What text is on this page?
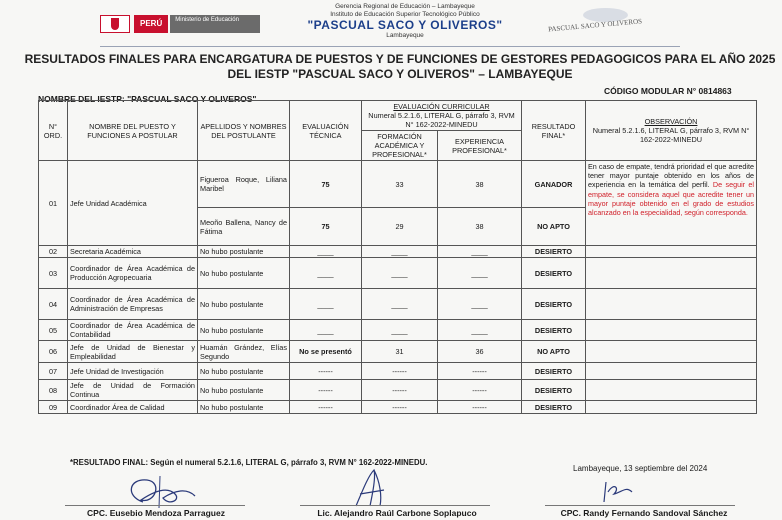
PERÚ	Ministerio de Educación
Gerencia Regional de Educación – Lambayeque
Instituto de Educación Superior Tecnológico Público
"PASCUAL SACO Y OLIVEROS"
Lambayeque
PASCUAL SACO Y OLIVEROS
RESULTADOS FINALES PARA ENCARGATURA DE PUESTOS Y DE FUNCIONES DE GESTORES PEDAGOGICOS PARA EL AÑO 2025
DEL IESTP "PASCUAL SACO Y OLIVEROS" – LAMBAYEQUE
NOMBRE DEL IESTP: "PASCUAL SACO Y OLIVEROS"
CÓDIGO MODULAR N° 0814863
N° ORD.	NOMBRE DEL PUESTO Y FUNCIONES A POSTULAR	APELLIDOS Y NOMBRES DEL POSTULANTE	EVALUACIÓN TÉCNICA	EVALUACIÓN CURRICULAR
Numeral 5.2.1.6, LITERAL G, párrafo 3, RVM N° 162-2022-MINEDU		RESULTADO FINAL*	OBSERVACIÓN
Numeral 5.2.1.6, LITERAL G, párrafo 3, RVM N° 162-2022-MINEDU
				FORMACIÓN ACADÉMICA Y PROFESIONAL*	EXPERIENCIA PROFESIONAL*		
01	Jefe Unidad Académica	Figueroa Roque, Liliana Maribel	75	33	38	GANADOR	En caso de empate, tendrá prioridad el que acredite tener mayor puntaje obtenido en los años de experiencia en la temática del perfil. De seguir el empate, se considera aquel que acredite tener un mayor puntaje obtenido en el grado de estudios alcanzado en la especialidad, según corresponda.
		Meoño Ballena, Nancy de Fátima	75	29	38	NO APTO	
02	Secretaria Académica	No hubo postulante	____	____	____	DESIERTO	
03	Coordinador de Área Académica de Producción Agropecuaria	No hubo postulante	____	____	____	DESIERTO	
04	Coordinador de Área Académica de Administración de Empresas	No hubo postulante	____	____	____	DESIERTO	
05	Coordinador de Área Académica de Contabilidad	No hubo postulante	____	____	____	DESIERTO	
06	Jefe de Unidad de Bienestar y Empleabilidad	Huamán Grández, Elías Segundo	No se presentó	31	36	NO APTO	
07	Jefe Unidad de Investigación	No hubo postulante	------	------	------	DESIERTO	
08	Jefe de Unidad de Formación Continua	No hubo postulante	------	------	------	DESIERTO	
09	Coordinador Área de Calidad	No hubo postulante	------	------	------	DESIERTO	
*RESULTADO FINAL: Según el numeral 5.2.1.6, LITERAL G, párrafo 3, RVM N° 162-2022-MINEDU.
Lambayeque, 13 septiembre del 2024
CPC. Eusebio Mendoza Parraguez	Lic. Alejandro Raúl Carbone Soplapuco	CPC. Randy Fernando Sandoval Sánchez
